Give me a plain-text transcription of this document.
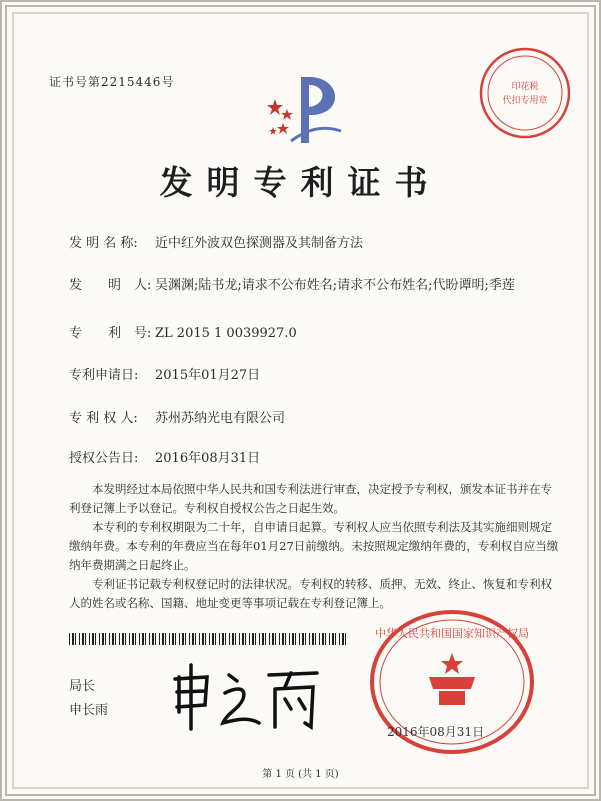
证书号第2215446号	印花税
代扣专用章
发明专利证书
发 明 名 称: 近中红外波双色探测器及其制备方法
发　　明　人: 吴渊渊;陆书龙;请求不公布姓名;请求不公布姓名;代盼谭明;季莲
专　　利　号: ZL 2015 1 0039927.0
专利申请日: 2015年01月27日
专 利 权 人: 苏州苏纳光电有限公司
授权公告日: 2016年08月31日

本发明经过本局依照中华人民共和国专利法进行审查，决定授予专利权，颁发本证书并在专利登记簿上予以登记。专利权自授权公告之日起生效。

本专利的专利权期限为二十年，自申请日起算。专利权人应当依照专利法及其实施细则规定缴纳年费。本专利的年费应当在每年01月27日前缴纳。未按照规定缴纳年费的，专利权自应当缴纳年费期满之日起终止。

专利证书记载专利权登记时的法律状况。专利权的转移、质押、无效、终止、恢复和专利权人的姓名或名称、国籍、地址变更等事项记载在专利登记簿上。

局长
申长雨
中华人民共和国国家知识产权局
2016年08月31日
第 1 页 (共 1 页)
